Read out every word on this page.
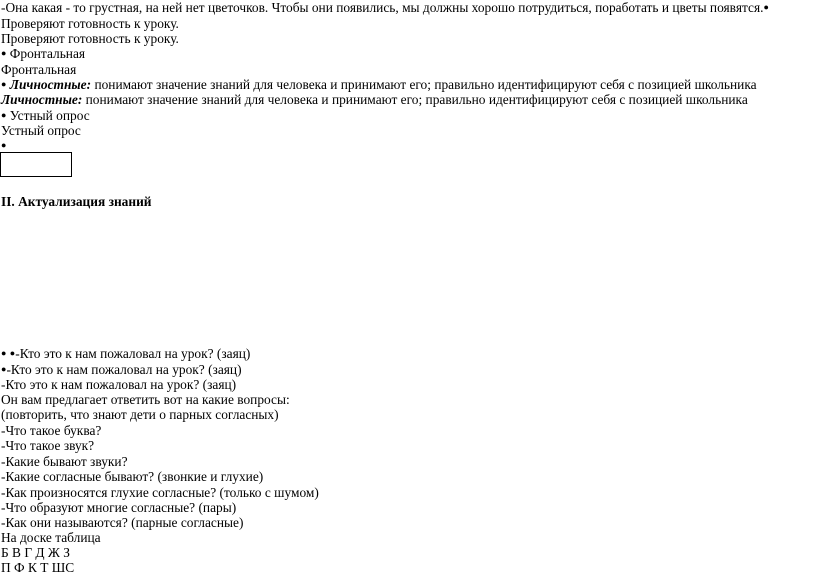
-Она какая - то грустная, на ней нет цветочков. Чтобы они появились, мы должны хорошо потрудиться, поработать и цветы появятся.● Проверяют готовность к уроку.
Проверяют готовность к уроку.
● Фронтальная
Фронтальная
● Личностные: понимают значение знаний для человека и принимают его; правильно идентифицируют себя с позицией школьника
Личностные: понимают значение знаний для человека и принимают его; правильно идентифицируют себя с позицией школьника
● Устный опрос
Устный опрос
●
II. Актуализация знаний
● ●-Кто это к нам пожаловал на урок? (заяц)
●-Кто это к нам пожаловал на урок? (заяц)
-Кто это к нам пожаловал на урок? (заяц)
Он вам предлагает ответить вот на какие вопросы:
(повторить, что знают дети о парных согласных)
-Что такое буква?
-Что такое звук?
-Какие бывают звуки?
-Какие согласные бывают? (звонкие и глухие)
-Как произносятся глухие согласные? (только с шумом)
-Что образуют многие согласные? (пары)
-Как они называются? (парные согласные)
На доске таблица
Б В Г Д Ж З
П Ф К Т ШС
